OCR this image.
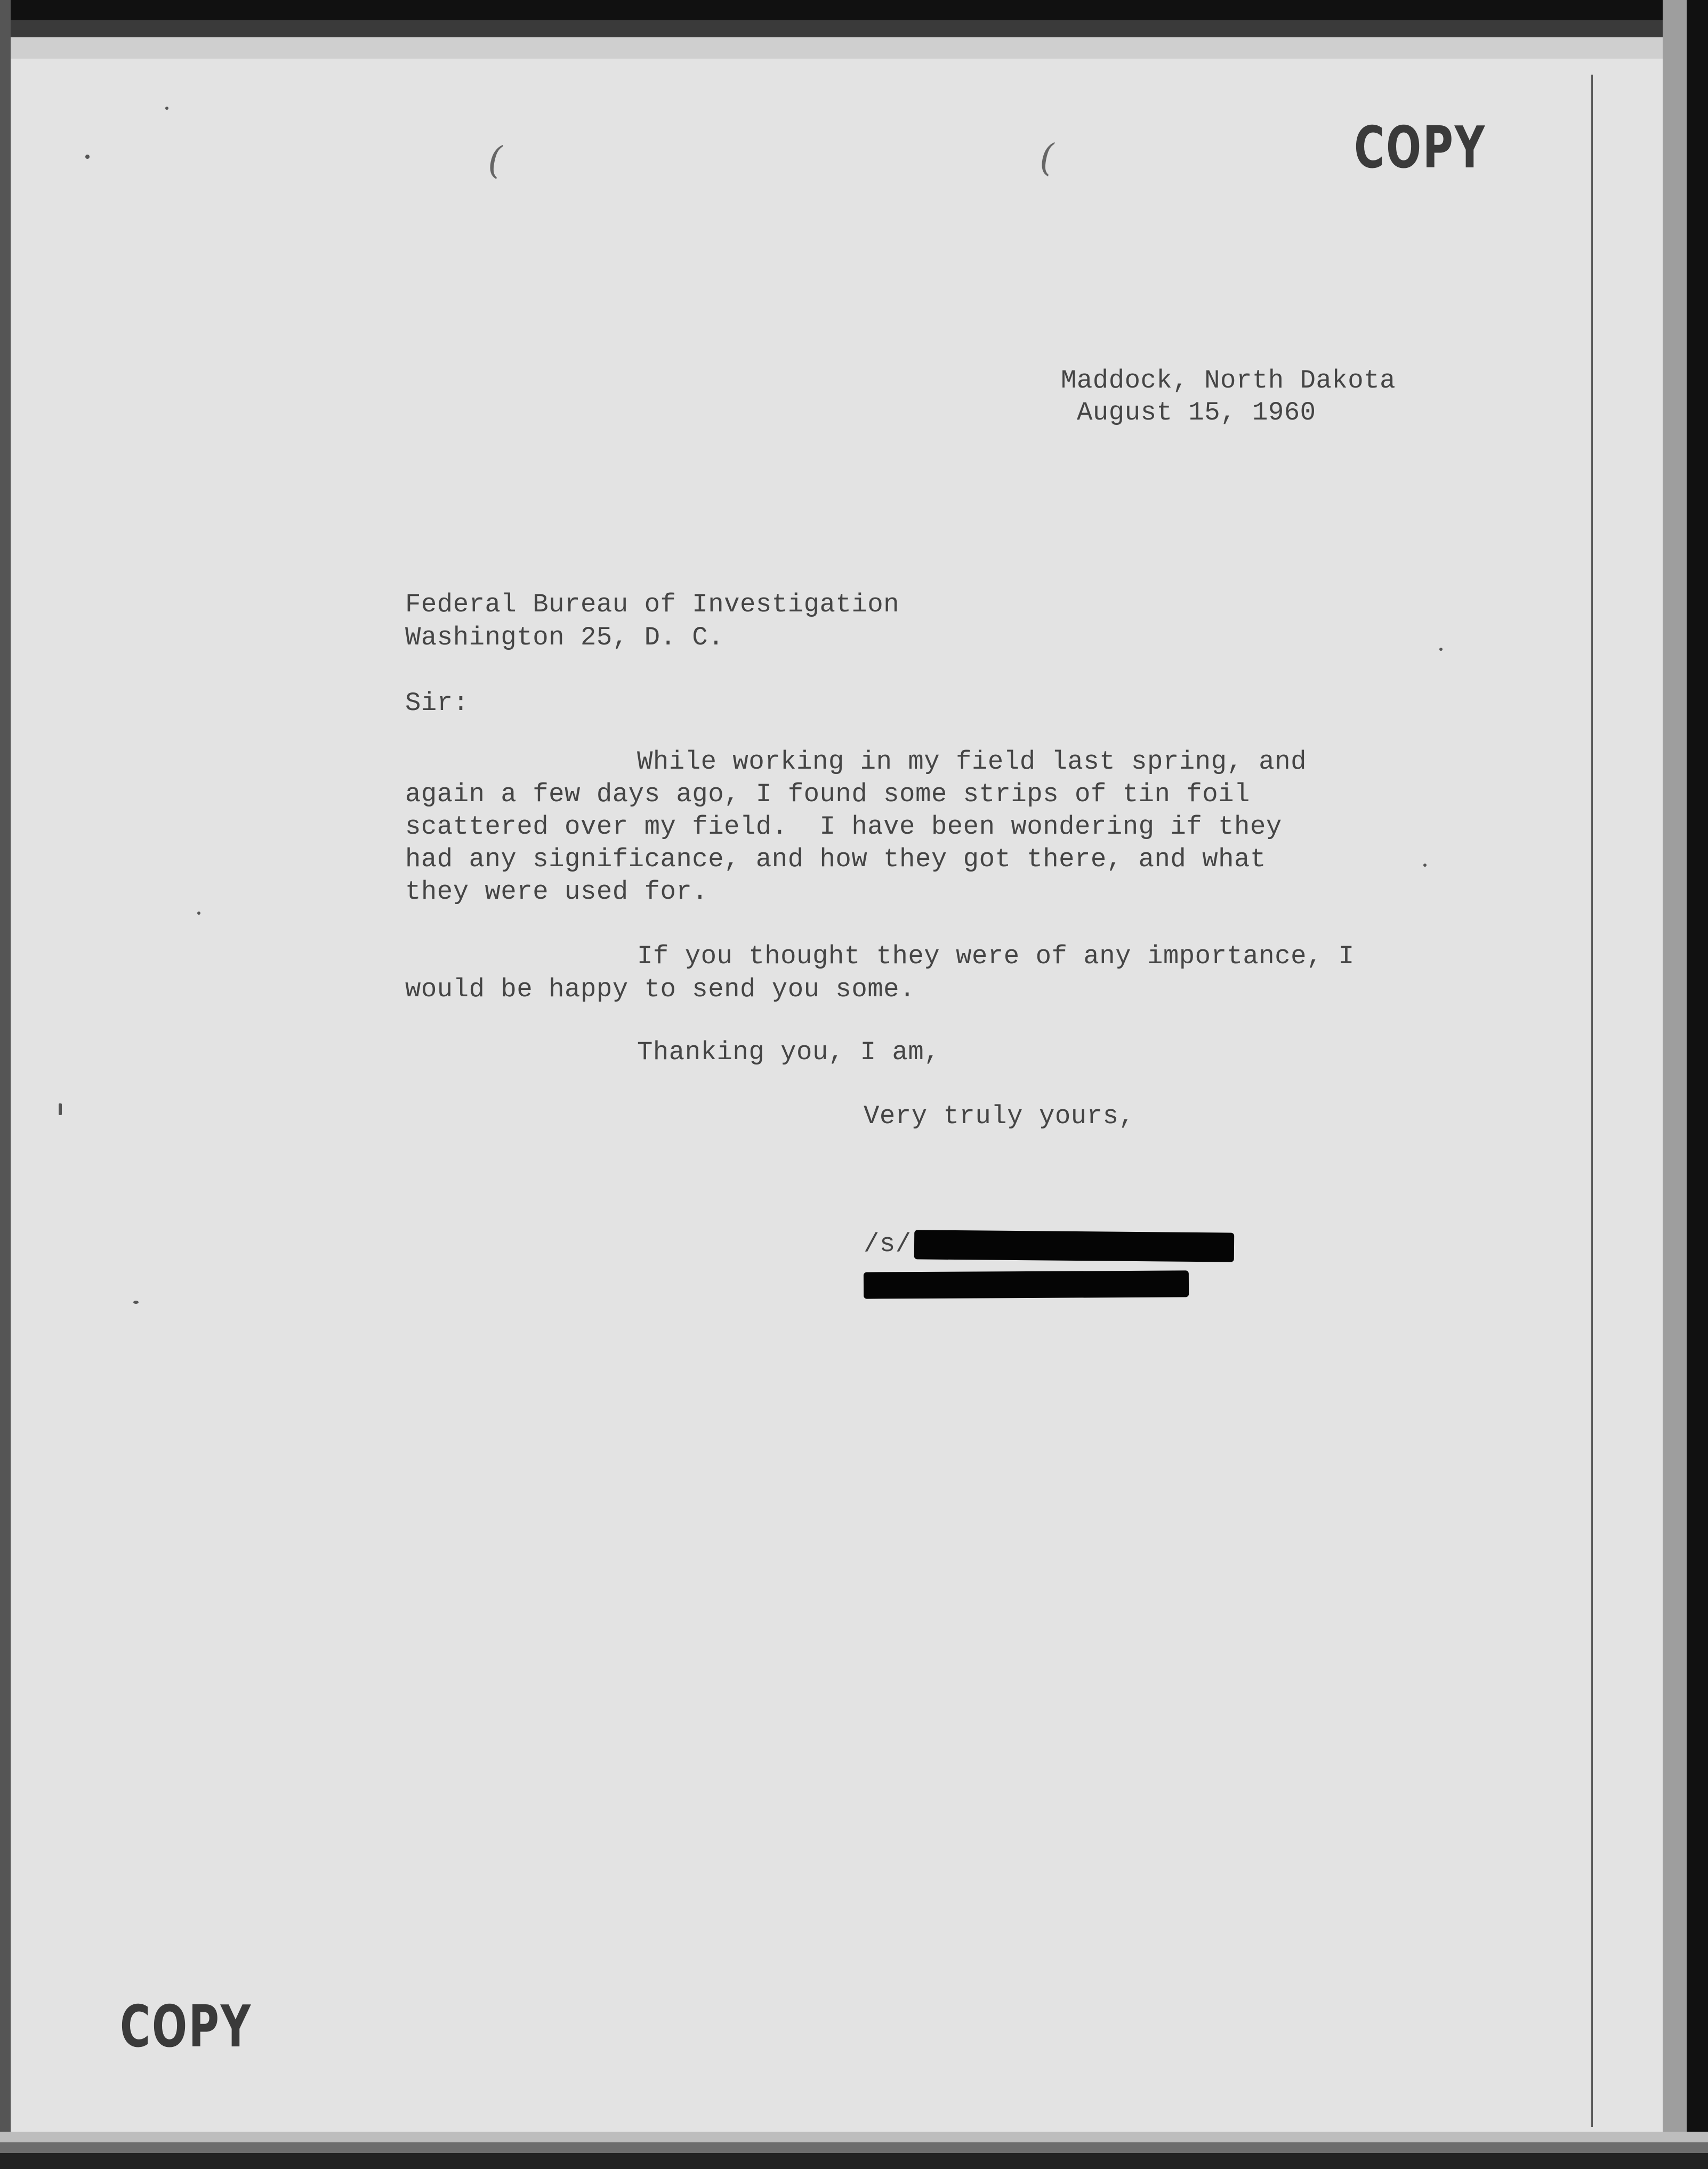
(	(	COPY
Maddock, North Dakota
August 15, 1960
Federal Bureau of Investigation
Washington 25, D. C.
Sir:
While working in my field last spring, and
again a few days ago, I found some strips of tin foil
scattered over my field.  I have been wondering if they
had any significance, and how they got there, and what
they were used for.
If you thought they were of any importance, I
would be happy to send you some.
Thanking you, I am,
Very truly yours,
/s/
COPY
